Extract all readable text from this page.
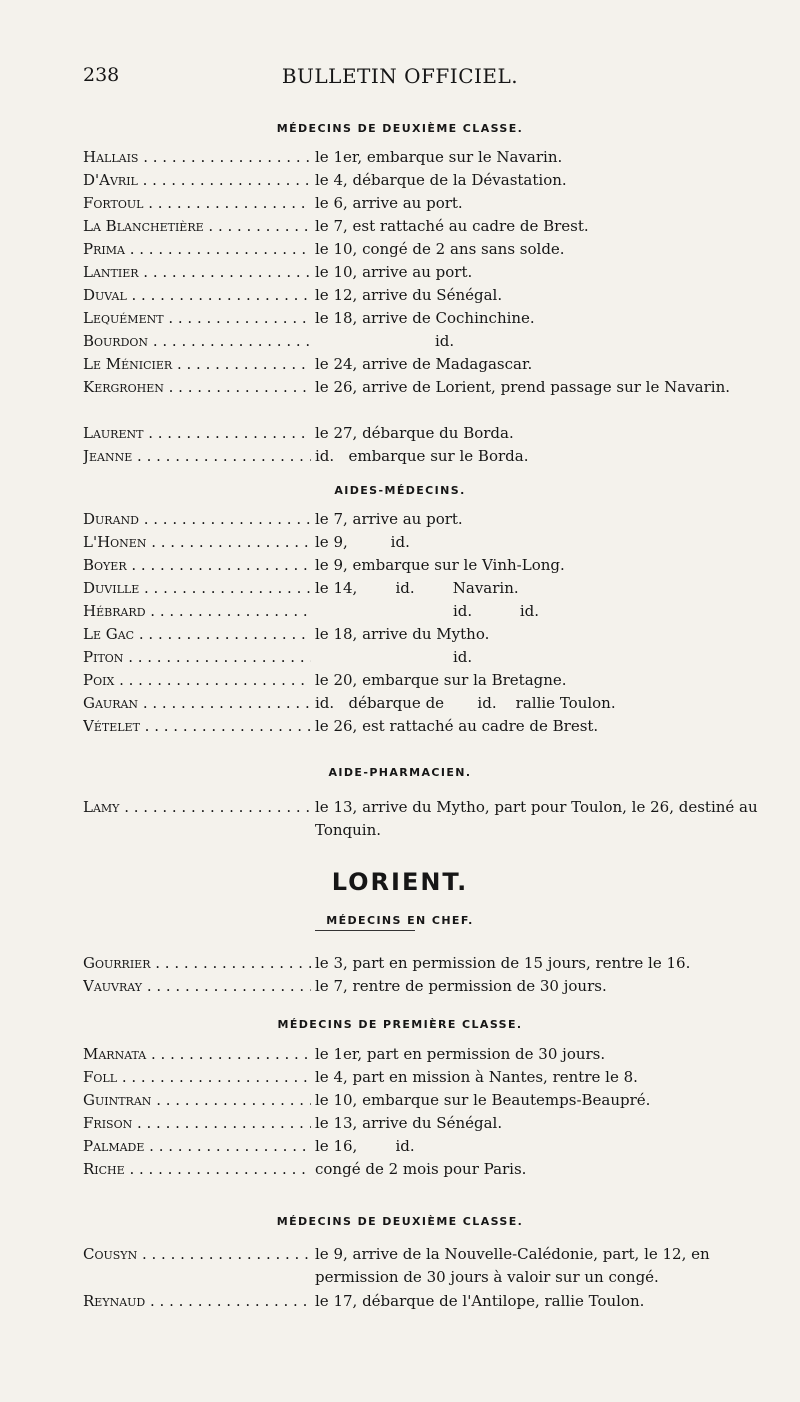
238	BULLETIN OFFICIEL.
MÉDECINS DE DEUXIÈME CLASSE.
Hallais . . .	le 1er, embarque sur le Navarin.
D'Avril . . .	le 4, débarque de la Dévastation.
Fortoul . . .	le 6, arrive au port.
La Blanchetière . . .	le 7, est rattaché au cadre de Brest.
Prima . . .	le 10, congé de 2 ans sans solde.
Lantier . . .	le 10, arrive au port.
Duval . . .	le 12, arrive du Sénégal.
Lequément . . .	le 18, arrive de Cochinchine.
Bourdon . . .	id.
Le Ménicier . . .	le 24, arrive de Madagascar.
Kergrohen . . .	le 26, arrive de Lorient, prend passage sur le Navarin.
Laurent . . .	le 27, débarque du Borda.
Jeanne . . .	id.   embarque sur le Borda.
AIDES-MÉDECINS.
Durand . . .	le 7, arrive au port.
L'Honen . . .	le 9,         id.
Boyer . . .	le 9, embarque sur le Vinh-Long.
Duville . . .	le 14,        id.        Navarin.
Hébrard . . .	id.          id.
Le Gac . . .	le 18, arrive du Mytho.
Piton . . .	id.
Poix . . .	le 20, embarque sur la Bretagne.
Gauran . . .	id.   débarque de       id.    rallie Toulon.
Vételet . . .	le 26, est rattaché au cadre de Brest.
AIDE-PHARMACIEN.
Lamy . . .	le 13, arrive du Mytho, part pour Toulon, le 26, destiné au Tonquin.
LORIENT.
MÉDECINS EN CHEF.
Gourrier . . .	le 3, part en permission de 15 jours, rentre le 16.
Vauvray . . .	le 7, rentre de permission de 30 jours.
MÉDECINS DE PREMIÈRE CLASSE.
Marnata . . .	le 1er, part en permission de 30 jours.
Foll . . .	le 4, part en mission à Nantes, rentre le 8.
Guintran . . .	le 10, embarque sur le Beautemps-Beaupré.
Frison . . .	le 13, arrive du Sénégal.
Palmade . . .	le 16,        id.
Riche . . .	congé de 2 mois pour Paris.
MÉDECINS DE DEUXIÈME CLASSE.
Cousyn . . .	le 9, arrive de la Nouvelle-Calédonie, part, le 12, en permission de 30 jours à valoir sur un congé.
Reynaud . . .	le 17, débarque de l'Antilope, rallie Toulon.
